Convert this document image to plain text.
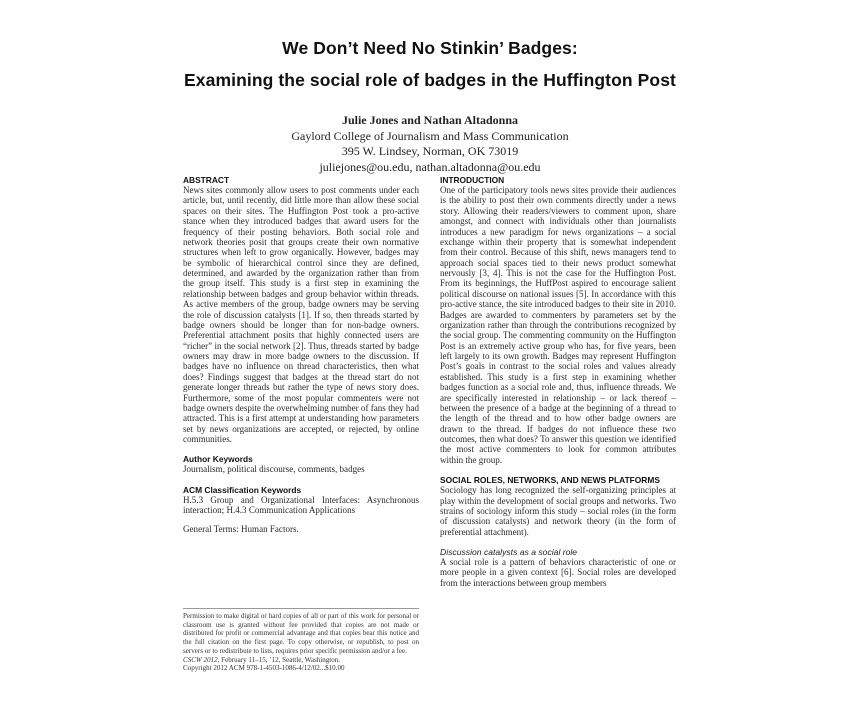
We Don’t Need No Stinkin’ Badges:
Examining the social role of badges in the Huffington Post
Julie Jones and Nathan Altadonna
Gaylord College of Journalism and Mass Communication
395 W. Lindsey, Norman, OK 73019
juliejones@ou.edu, nathan.altadonna@ou.edu
ABSTRACT

News sites commonly allow users to post comments under each article, but, until recently, did little more than allow these social spaces on their sites. The Huffington Post took a pro-active stance when they introduced badges that award users for the frequency of their posting behaviors. Both social role and network theories posit that groups create their own normative structures when left to grow organically. However, badges may be symbolic of hierarchical control since they are defined, determined, and awarded by the organization rather than from the group itself. This study is a first step in examining the relationship between badges and group behavior within threads. As active members of the group, badge owners may be serving the role of discussion catalysts [1]. If so, then threads started by badge owners should be longer than for non-badge owners. Preferential attachment posits that highly connected users are “richer” in the social network [2]. Thus, threads started by badge owners may draw in more badge owners to the discussion. If badges have no influence on thread characteristics, then what does? Findings suggest that badges at the thread start do not generate longer threads but rather the type of news story does. Furthermore, some of the most popular commenters were not badge owners despite the overwhelming number of fans they had attracted. This is a first attempt at understanding how parameters set by news organizations are accepted, or rejected, by online communities.

Author Keywords

Journalism, political discourse, comments, badges

ACM Classification Keywords

H.5.3 Group and Organizational Interfaces: Asynchronous interaction; H.4.3 Communication Applications

General Terms: Human Factors.

Permission to make digital or hard copies of all or part of this work for personal or classroom use is granted without fee provided that copies are not made or distributed for profit or commercial advantage and that copies bear this notice and the full citation on the first page. To copy otherwise, or republish, to post on servers or to redistribute to lists, requires prior specific permission and/or a fee.
CSCW 2012, February 11–15, ’12, Seattle, Washington.
Copyright 2012 ACM 978-1-4503-1086-4/12/02...$10.00
INTRODUCTION

One of the participatory tools news sites provide their audiences is the ability to post their own comments directly under a news story. Allowing their readers/viewers to comment upon, share amongst, and connect with individuals other than journalists introduces a new paradigm for news organizations – a social exchange within their property that is somewhat independent from their control. Because of this shift, news managers tend to approach social spaces tied to their news product somewhat nervously [3, 4]. This is not the case for the Huffington Post. From its beginnings, the HuffPost aspired to encourage salient political discourse on national issues [5]. In accordance with this pro-active stance, the site introduced badges to their site in 2010. Badges are awarded to commenters by parameters set by the organization rather than through the contributions recognized by the social group. The commenting community on the Huffington Post is an extremely active group who has, for five years, been left largely to its own growth. Badges may represent Huffington Post’s goals in contrast to the social roles and values already established. This study is a first step in examining whether badges function as a social role and, thus, influence threads. We are specifically interested in relationship – or lack thereof – between the presence of a badge at the beginning of a thread to the length of the thread and to how other badge owners are drawn to the thread. If badges do not influence these two outcomes, then what does? To answer this question we identified the most active commenters to look for common attributes within the group.

SOCIAL ROLES, NETWORKS, AND NEWS PLATFORMS

Sociology has long recognized the self-organizing principles at play within the development of social groups and networks. Two strains of sociology inform this study – social roles (in the form of discussion catalysts) and network theory (in the form of preferential attachment).

Discussion catalysts as a social role

A social role is a pattern of behaviors characteristic of one or more people in a given context [6]. Social roles are developed from the interactions between group members
